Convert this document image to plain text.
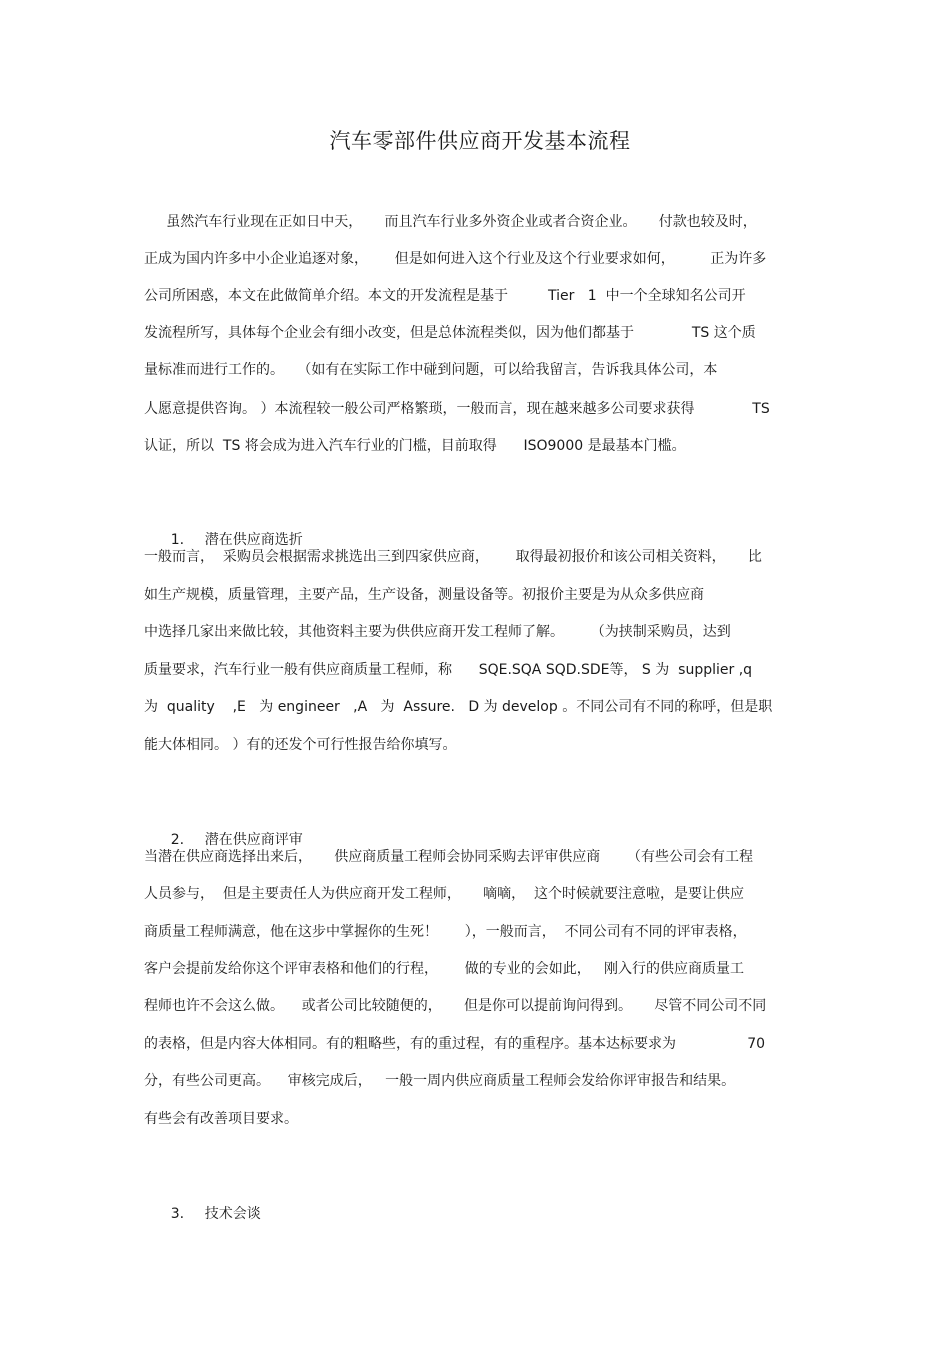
汽车零部件供应商开发基本流程
虽然汽车行业现在正如日中天，     而且汽车行业多外资企业或者合资企业。     付款也较及时，
正成为国内许多中小企业追逐对象，      但是如何进入这个行业及这个行业要求如何，        正为许多
公司所困惑，本文在此做简单介绍。本文的开发流程是基于         Tier   1  中一个全球知名公司开
发流程所写，具体每个企业会有细小改变，但是总体流程类似，因为他们都基于             TS 这个质
量标准而进行工作的。   （如有在实际工作中碰到问题，可以给我留言，告诉我具体公司，本
人愿意提供咨询。 ）本流程较一般公司严格繁琐，一般而言，现在越来越多公司要求获得             TS
认证，所以  TS 将会成为进入汽车行业的门槛，目前取得      ISO9000 是最基本门槛。

1. 潜在供应商选折

一般而言，  采购员会根据需求挑选出三到四家供应商，      取得最初报价和该公司相关资料，     比
如生产规模，质量管理，主要产品，生产设备，测量设备等。初报价主要是为从众多供应商
中选择几家出来做比较，其他资料主要为供供应商开发工程师了解。      （为挟制采购员，达到
质量要求，汽车行业一般有供应商质量工程师，称      SQE.SQA SQD.SDE等， S 为  supplier ,q
为  quality    ,E   为 engineer   ,A   为  Assure.   D 为 develop 。不同公司有不同的称呼，但是职
能大体相同。 ）有的还发个可行性报告给你填写。

2. 潜在供应商评审

当潜在供应商选择出来后，     供应商质量工程师会协同采购去评审供应商      （有些公司会有工程
人员参与，  但是主要责任人为供应商开发工程师，     嘀嘀，  这个时候就要注意啦，是要让供应
商质量工程师满意，他在这步中掌握你的生死！      ），一般而言，  不同公司有不同的评审表格，
客户会提前发给你这个评审表格和他们的行程，      做的专业的会如此，   刚入行的供应商质量工
程师也许不会这么做。    或者公司比较随便的，     但是你可以提前询问得到。     尽管不同公司不同
的表格，但是内容大体相同。有的粗略些，有的重过程，有的重程序。基本达标要求为                70
分，有些公司更高。    审核完成后，   一般一周内供应商质量工程师会发给你评审报告和结果。
有些会有改善项目要求。

3. 技术会谈
